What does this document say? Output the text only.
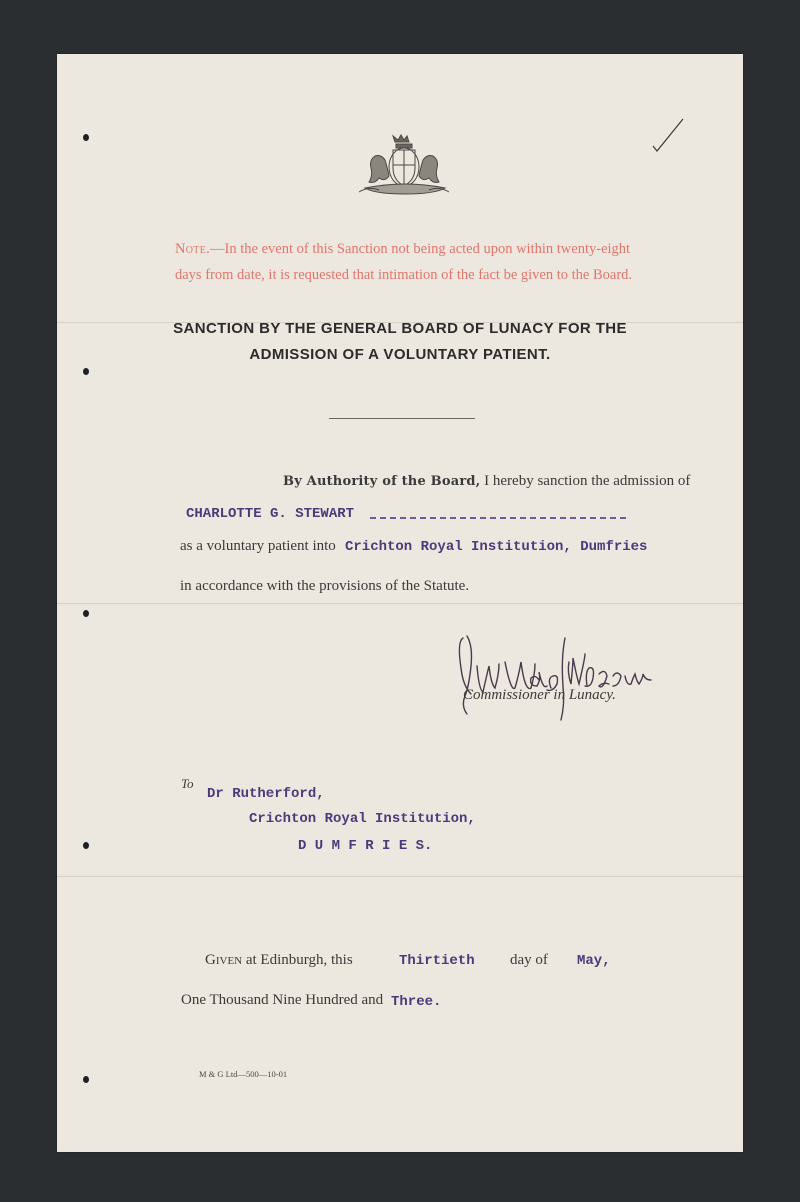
Note.—In the event of this Sanction not being acted upon within twenty-eight
days from date, it is requested that intimation of the fact be given to the Board.
SANCTION BY THE GENERAL BOARD OF LUNACY FOR THE
ADMISSION OF A VOLUNTARY PATIENT.
By Authority of the Board, I hereby sanction the admission of
CHARLOTTE G. STEWART
as a voluntary patient into Crichton Royal Institution, Dumfries
in accordance with the provisions of the Statute.
Commissioner in Lunacy.
To
Dr Rutherford,
Crichton Royal Institution,
D U M F R I E S.
Given at Edinburgh, this	Thirtieth day of May,
One Thousand Nine Hundred and Three.
M & G Ltd—500—10-01
